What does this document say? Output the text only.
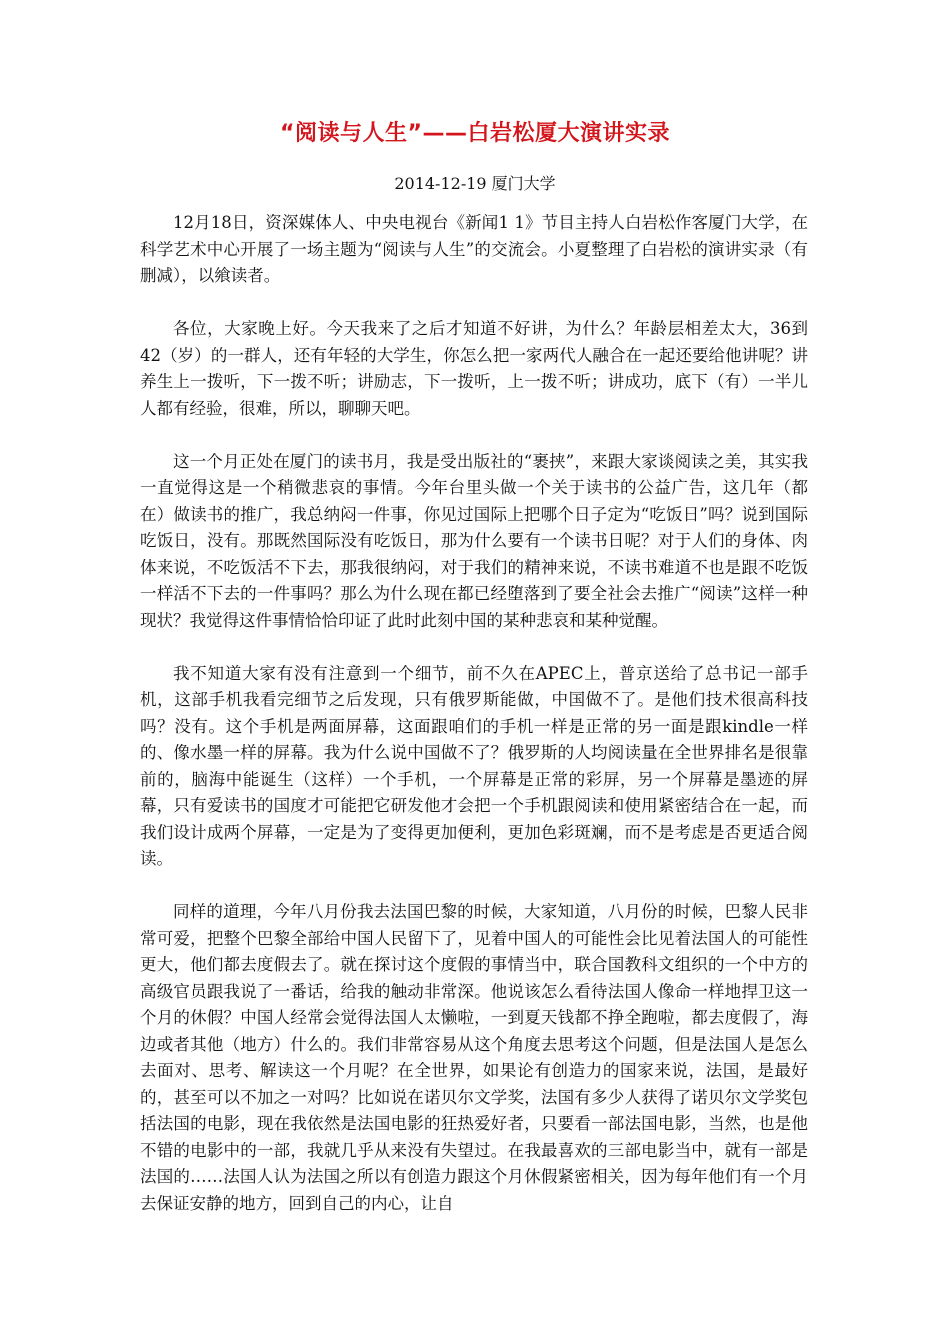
“阅读与人生”——白岩松厦大演讲实录
2014-12-19 厦门大学

12月18日，资深媒体人、中央电视台《新闻1 1》节目主持人白岩松作客厦门大学，在科学艺术中心开展了一场主题为“阅读与人生”的交流会。小夏整理了白岩松的演讲实录（有删减），以飨读者。

各位，大家晚上好。今天我来了之后才知道不好讲，为什么？年龄层相差太大，36到42（岁）的一群人，还有年轻的大学生，你怎么把一家两代人融合在一起还要给他讲呢？讲养生上一拨听，下一拨不听；讲励志，下一拨听，上一拨不听；讲成功，底下（有）一半儿人都有经验，很难，所以，聊聊天吧。

这一个月正处在厦门的读书月，我是受出版社的“裹挟”，来跟大家谈阅读之美，其实我一直觉得这是一个稍微悲哀的事情。今年台里头做一个关于读书的公益广告，这几年（都在）做读书的推广，我总纳闷一件事，你见过国际上把哪个日子定为“吃饭日”吗？说到国际吃饭日，没有。那既然国际没有吃饭日，那为什么要有一个读书日呢？对于人们的身体、肉体来说，不吃饭活不下去，那我很纳闷，对于我们的精神来说，不读书难道不也是跟不吃饭一样活不下去的一件事吗？那么为什么现在都已经堕落到了要全社会去推广“阅读”这样一种现状？我觉得这件事情恰恰印证了此时此刻中国的某种悲哀和某种觉醒。

我不知道大家有没有注意到一个细节，前不久在APEC上，普京送给了总书记一部手机，这部手机我看完细节之后发现，只有俄罗斯能做，中国做不了。是他们技术很高科技吗？没有。这个手机是两面屏幕，这面跟咱们的手机一样是正常的另一面是跟kindle一样的、像水墨一样的屏幕。我为什么说中国做不了？俄罗斯的人均阅读量在全世界排名是很靠前的，脑海中能诞生（这样）一个手机，一个屏幕是正常的彩屏，另一个屏幕是墨迹的屏幕，只有爱读书的国度才可能把它研发他才会把一个手机跟阅读和使用紧密结合在一起，而我们设计成两个屏幕，一定是为了变得更加便利，更加色彩斑斓，而不是考虑是否更适合阅读。

同样的道理，今年八月份我去法国巴黎的时候，大家知道，八月份的时候，巴黎人民非常可爱，把整个巴黎全部给中国人民留下了，见着中国人的可能性会比见着法国人的可能性更大，他们都去度假去了。就在探讨这个度假的事情当中，联合国教科文组织的一个中方的高级官员跟我说了一番话，给我的触动非常深。他说该怎么看待法国人像命一样地捍卫这一个月的休假？中国人经常会觉得法国人太懒啦，一到夏天钱都不挣全跑啦，都去度假了，海边或者其他（地方）什么的。我们非常容易从这个角度去思考这个问题，但是法国人是怎么去面对、思考、解读这一个月呢？在全世界，如果论有创造力的国家来说，法国，是最好的，甚至可以不加之一对吗？比如说在诺贝尔文学奖，法国有多少人获得了诺贝尔文学奖包括法国的电影，现在我依然是法国电影的狂热爱好者，只要看一部法国电影，当然，也是他不错的电影中的一部，我就几乎从来没有失望过。在我最喜欢的三部电影当中，就有一部是法国的……法国人认为法国之所以有创造力跟这个月休假紧密相关，因为每年他们有一个月去保证安静的地方，回到自己的内心，让自
